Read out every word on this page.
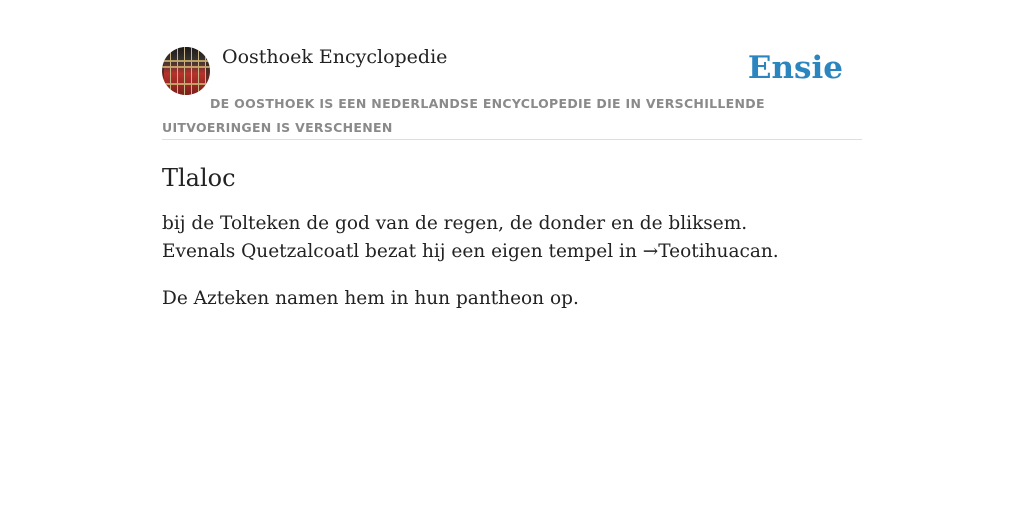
Oosthoek Encyclopedie	Ensie
DE OOSTHOEK IS EEN NEDERLANDSE ENCYCLOPEDIE DIE IN VERSCHILLENDE UITVOERINGEN IS VERSCHENEN
Tlaloc

bij de Tolteken de god van de regen, de donder en de bliksem. Evenals Quetzalcoatl bezat hij een eigen tempel in →Teotihuacan.

De Azteken namen hem in hun pantheon op.
